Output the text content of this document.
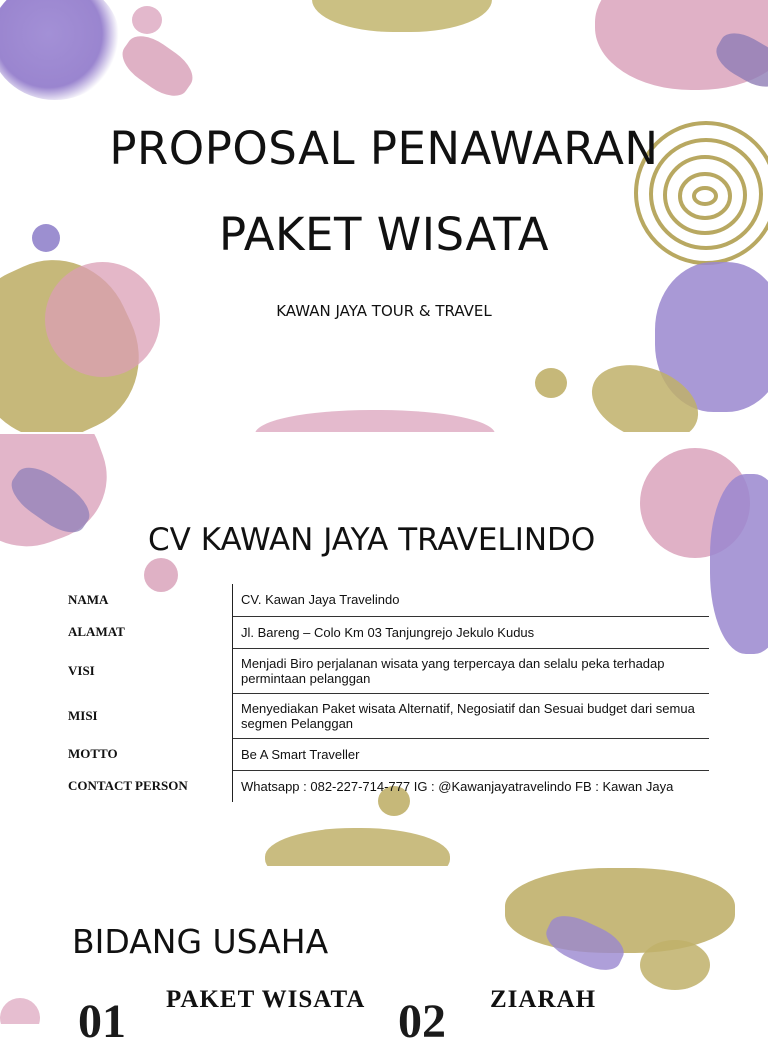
PROPOSAL PENAWARAN
PAKET WISATA
KAWAN JAYA TOUR & TRAVEL
CV KAWAN JAYA TRAVELINDO
NAMA	CV. Kawan Jaya Travelindo
ALAMAT	Jl. Bareng – Colo Km 03 Tanjungrejo Jekulo Kudus
VISI	Menjadi Biro perjalanan wisata yang terpercaya dan selalu peka terhadap permintaan pelanggan
MISI	Menyediakan Paket wisata Alternatif, Negosiatif dan Sesuai budget dari semua segmen Pelanggan
MOTTO	Be A Smart Traveller
CONTACT PERSON	Whatsapp : 082-227-714-777 IG : @Kawanjayatravelindo FB : Kawan Jaya
BIDANG USAHA
01 PAKET WISATA 02 ZIARAH
